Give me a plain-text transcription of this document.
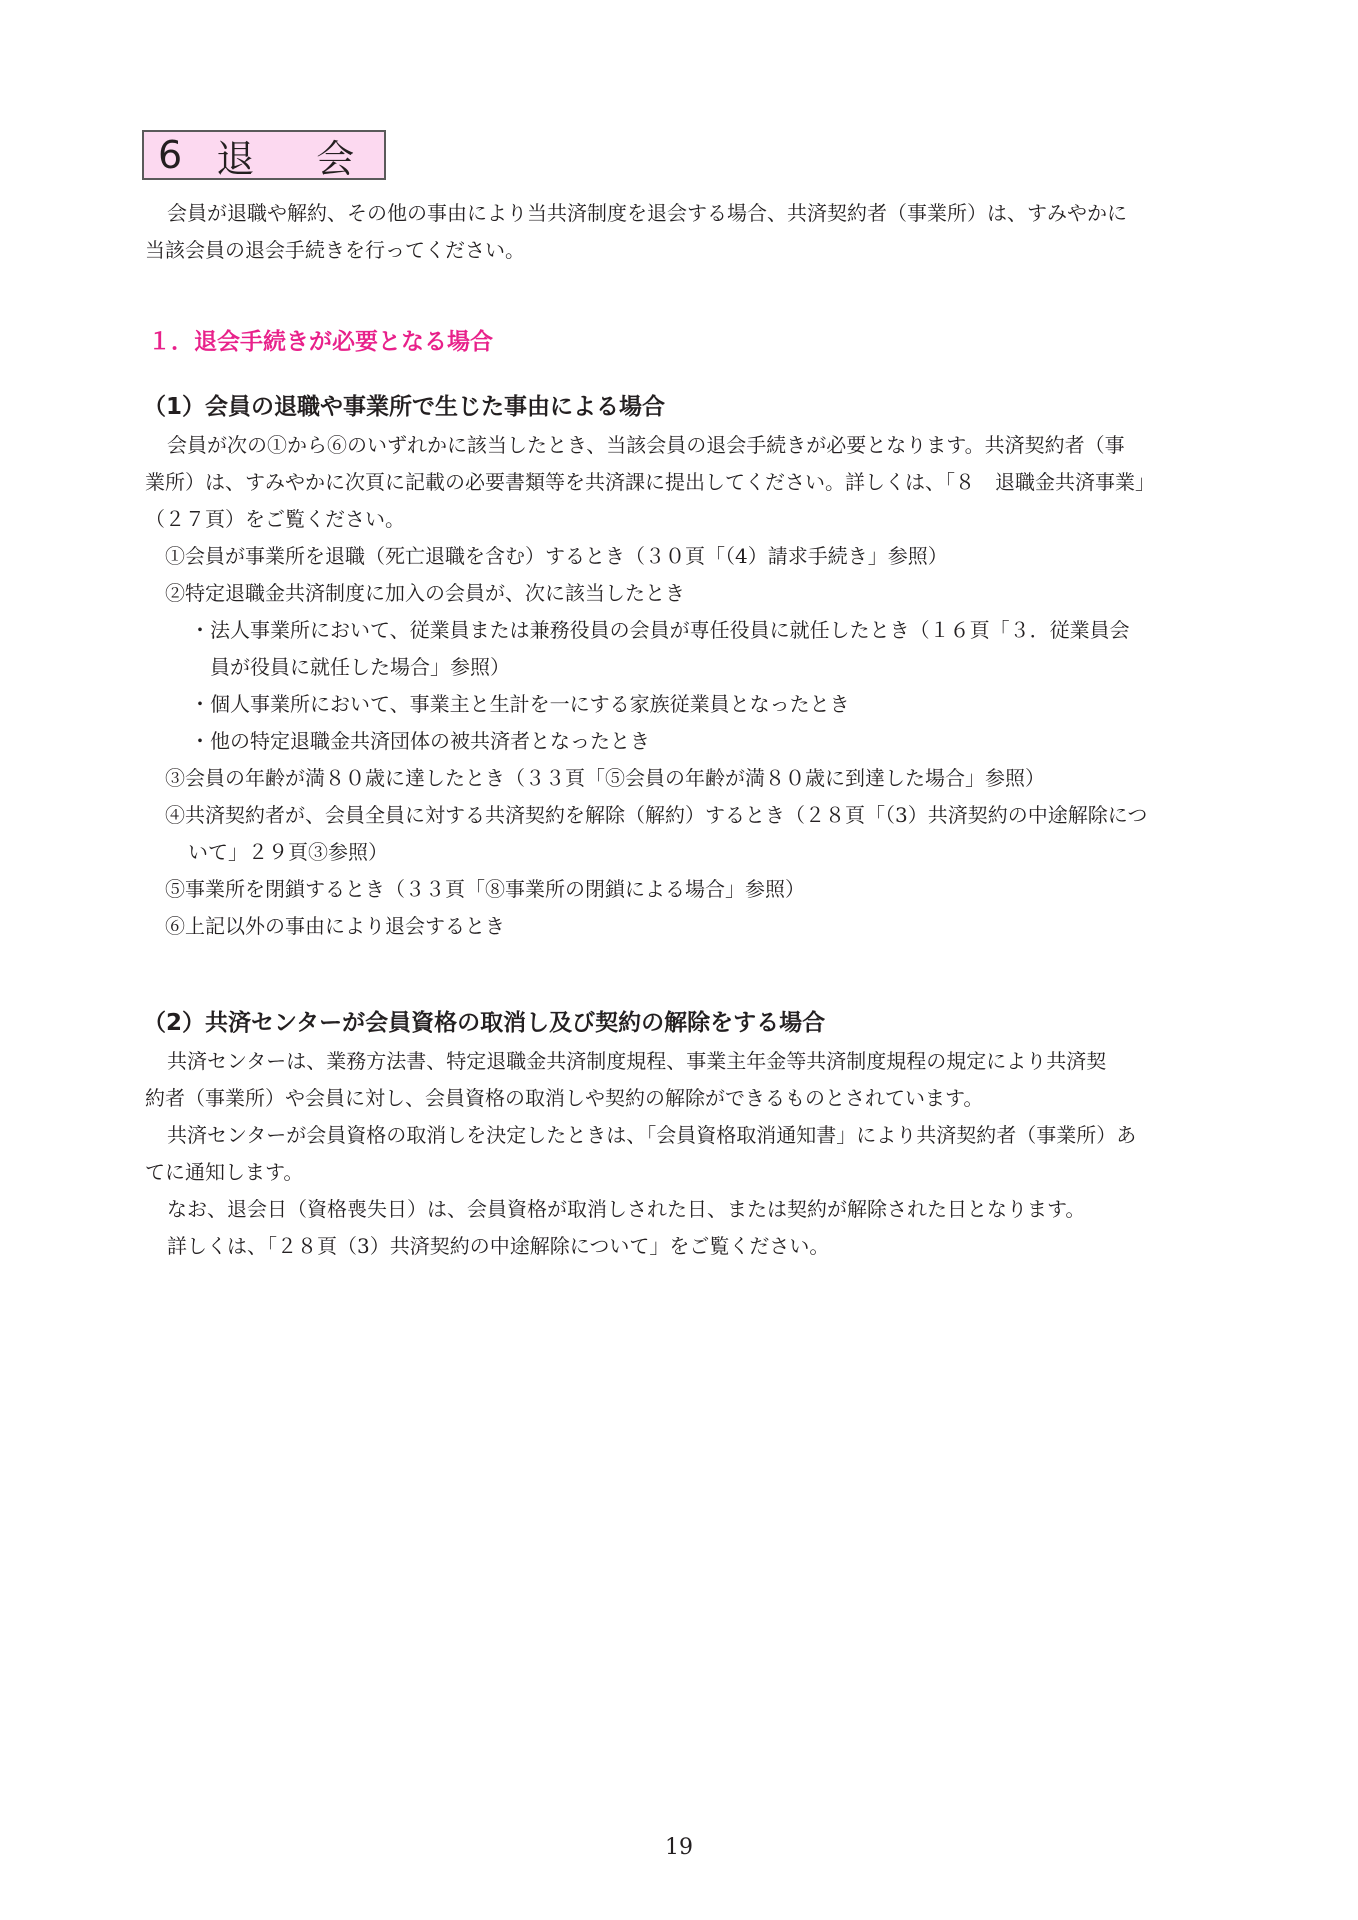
6 退 会
会員が退職や解約、その他の事由により当共済制度を退会する場合、共済契約者（事業所）は、すみやかに
当該会員の退会手続きを行ってください。
１．退会手続きが必要となる場合
（1）会員の退職や事業所で生じた事由による場合
会員が次の①から⑥のいずれかに該当したとき、当該会員の退会手続きが必要となります。共済契約者（事
業所）は、すみやかに次頁に記載の必要書類等を共済課に提出してください。詳しくは、「８　退職金共済事業」
（２７頁）をご覧ください。
①会員が事業所を退職（死亡退職を含む）するとき（３０頁「（4）請求手続き」参照）
②特定退職金共済制度に加入の会員が、次に該当したとき
・法人事業所において、従業員または兼務役員の会員が専任役員に就任したとき（１６頁「３．従業員会
員が役員に就任した場合」参照）
・個人事業所において、事業主と生計を一にする家族従業員となったとき
・他の特定退職金共済団体の被共済者となったとき
③会員の年齢が満８０歳に達したとき（３３頁「⑤会員の年齢が満８０歳に到達した場合」参照）
④共済契約者が、会員全員に対する共済契約を解除（解約）するとき（２８頁「（3）共済契約の中途解除につ
いて」２９頁③参照）
⑤事業所を閉鎖するとき（３３頁「⑧事業所の閉鎖による場合」参照）
⑥上記以外の事由により退会するとき
（2）共済センターが会員資格の取消し及び契約の解除をする場合
共済センターは、業務方法書、特定退職金共済制度規程、事業主年金等共済制度規程の規定により共済契
約者（事業所）や会員に対し、会員資格の取消しや契約の解除ができるものとされています。
共済センターが会員資格の取消しを決定したときは、「会員資格取消通知書」により共済契約者（事業所）あ
てに通知します。
なお、退会日（資格喪失日）は、会員資格が取消しされた日、または契約が解除された日となります。
詳しくは、「２８頁（3）共済契約の中途解除について」をご覧ください。
19
